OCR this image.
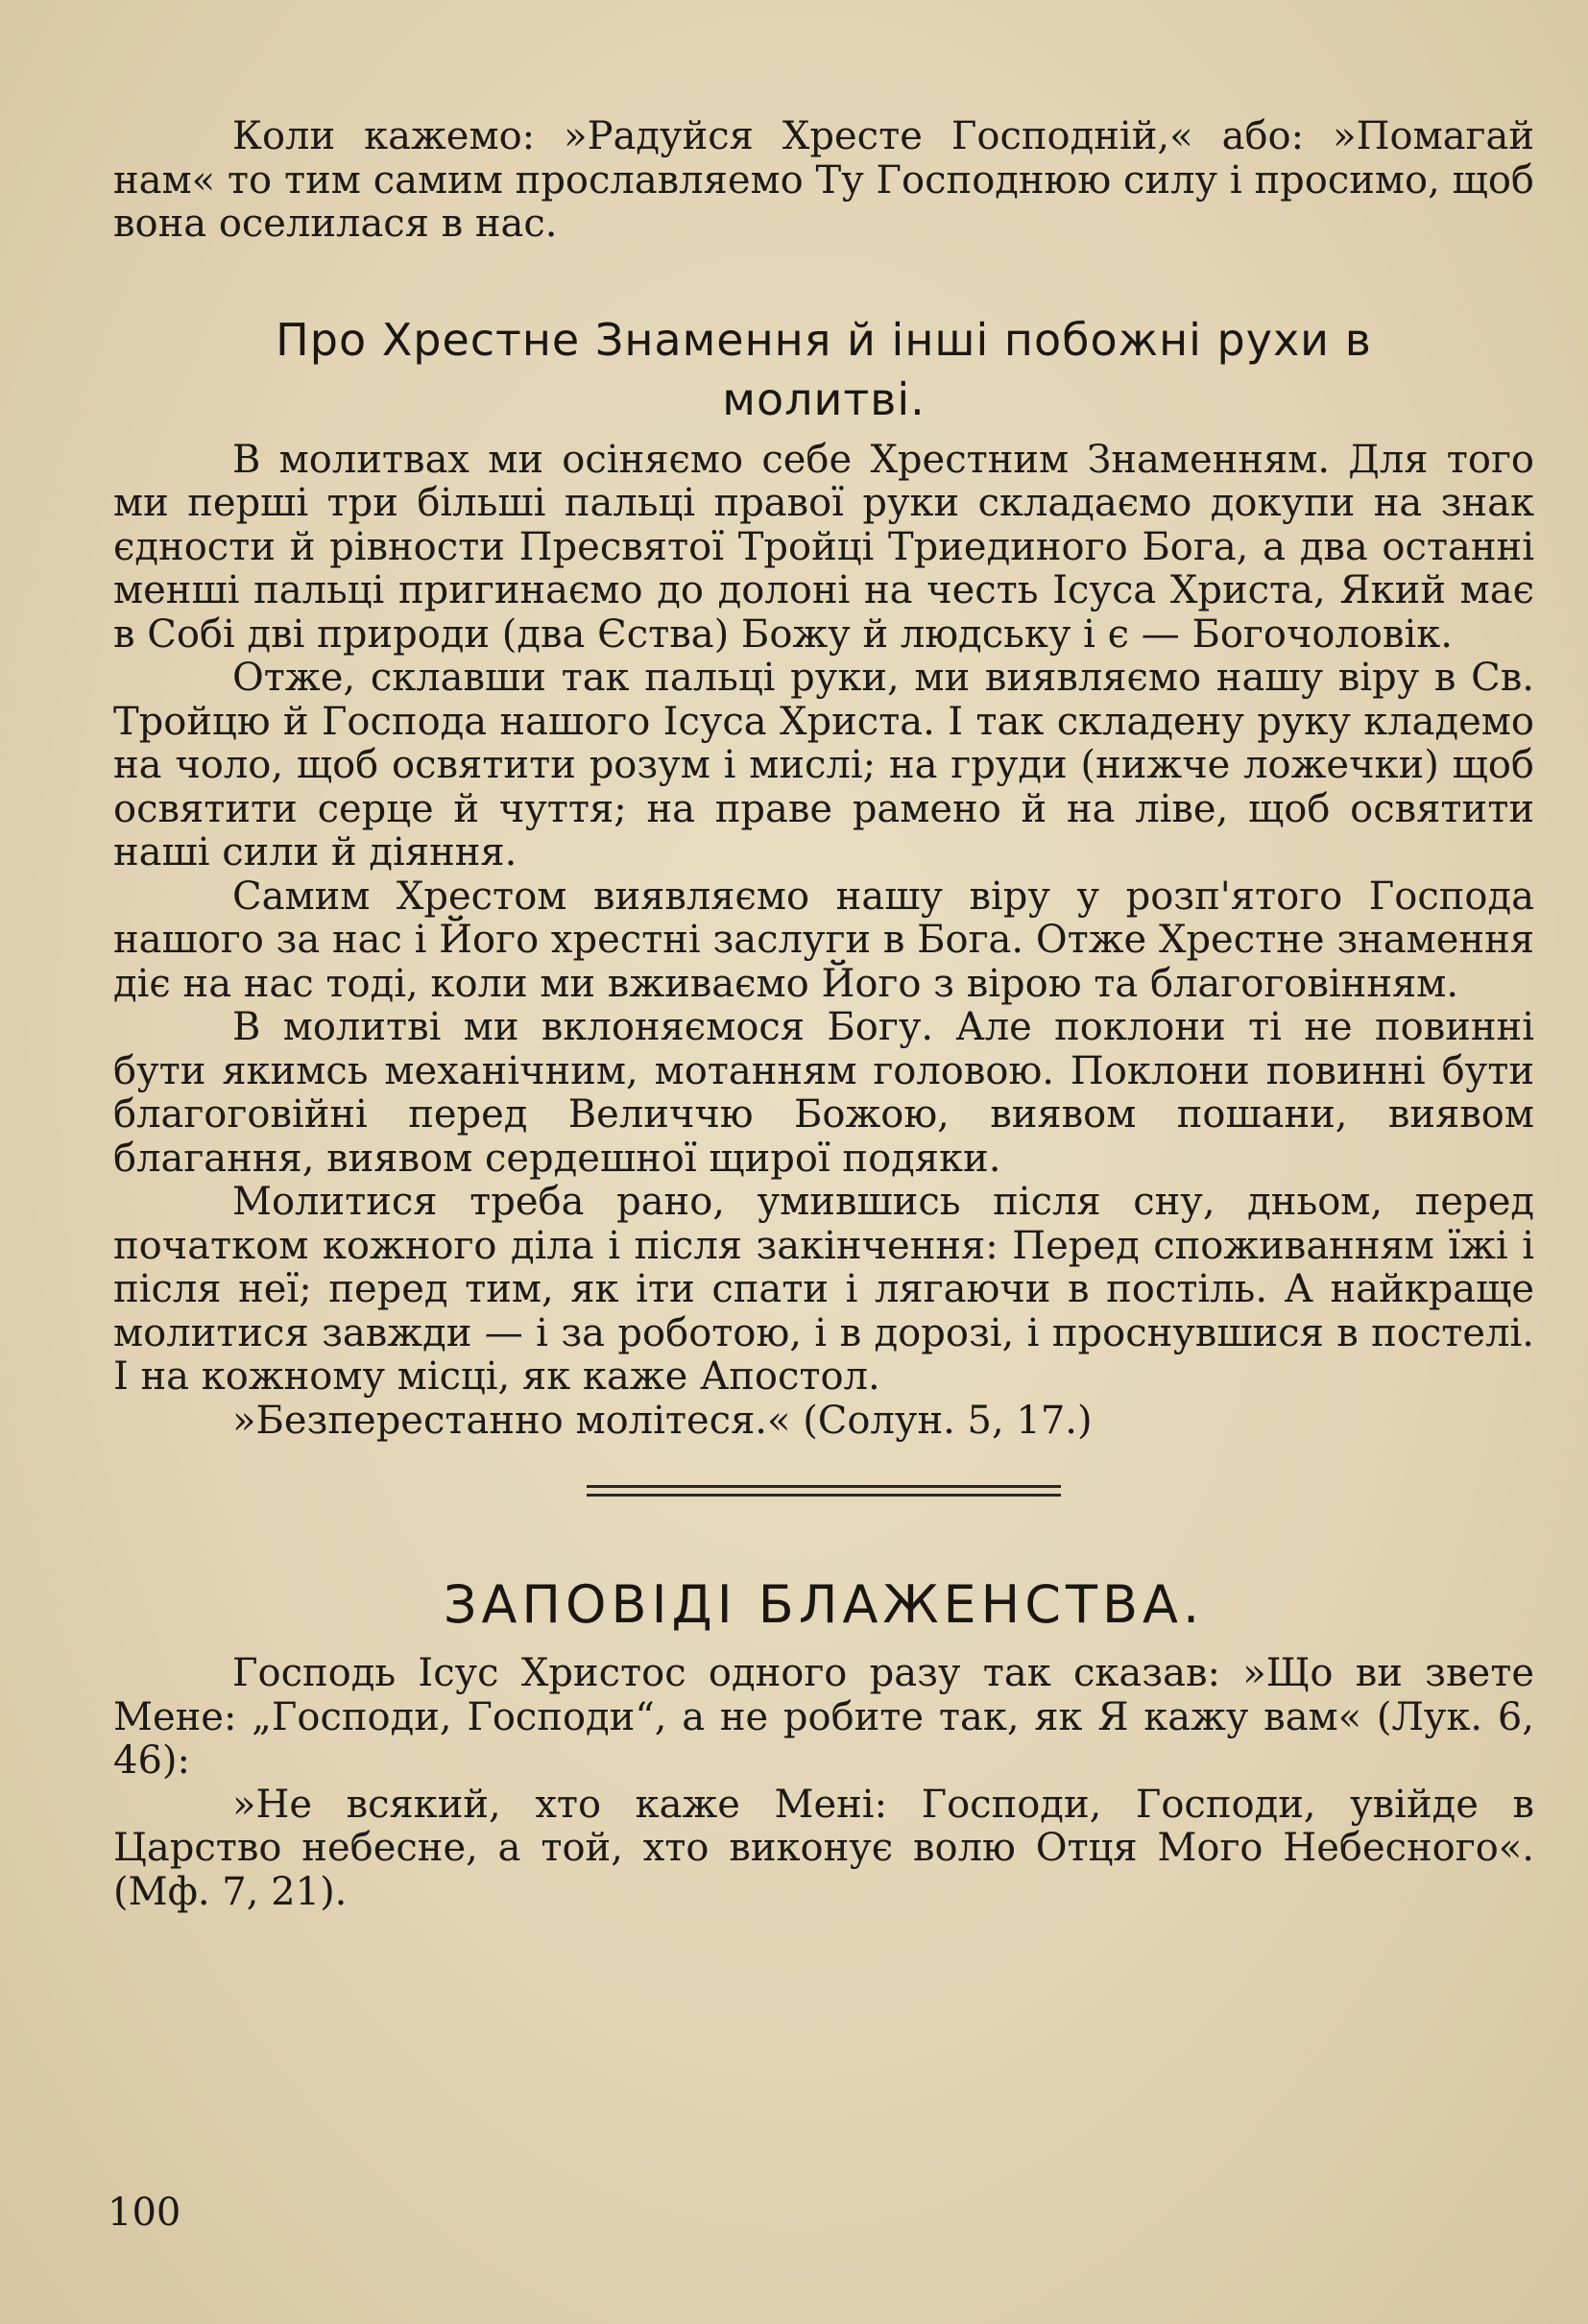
Коли кажемо: »Радуйся Хресте Господній,« або: »Помагай нам« то тим самим прославляемо Ту Господнюю силу і просимо, щоб вона оселилася в нас.

Про Хрестне Знамення й інші побожні рухи в молитві.

В молитвах ми осіняємо себе Хрестним Знаменням. Для того ми перші три більші пальці правої руки складаємо докупи на знак єдности й рівности Пресвятої Тройці Триединого Бога, а два останні менші пальці пригинаємо до долоні на честь Ісуса Христа, Який має в Собі дві природи (два Єства) Божу й людську і є — Богочоловік.

Отже, склавши так пальці руки, ми виявляємо нашу віру в Св. Тройцю й Господа нашого Ісуса Христа. І так складену руку кладемо на чоло, щоб освятити розум і мислі; на груди (нижче ложечки) щоб освятити серце й чуття; на праве рамено й на ліве, щоб освятити наші сили й діяння.

Самим Хрестом виявляємо нашу віру у розп'ятого Господа нашого за нас і Його хрестні заслуги в Бога. Отже Хрестне знамення діє на нас тоді, коли ми вживаємо Його з вірою та благоговінням.

В молитві ми вклоняємося Богу. Але поклони ті не повинні бути якимсь механічним, мотанням головою. Поклони повинні бути благоговійні перед Величчю Божою, виявом пошани, виявом благання, виявом сердешної щирої подяки.

Молитися треба рано, умившись після сну, дньом, перед початком кожного діла і після закінчення: Перед споживанням їжі і після неї; перед тим, як іти спати і лягаючи в постіль. А найкраще молитися завжди — і за роботою, і в дорозі, і проснувшися в постелі. І на кожному місці, як каже Апостол.

»Безперестанно молітеся.« (Солун. 5, 17.)

ЗАПОВІДІ БЛАЖЕНСТВА.

Господь Ісус Христос одного разу так сказав: »Що ви звете Мене: „Господи, Господи“, а не робите так, як Я кажу вам« (Лук. 6, 46):

»Не всякий, хто каже Мені: Господи, Господи, увійде в Царство небесне, а той, хто виконує волю Отця Мого Небесного«. (Мф. 7, 21).

100
